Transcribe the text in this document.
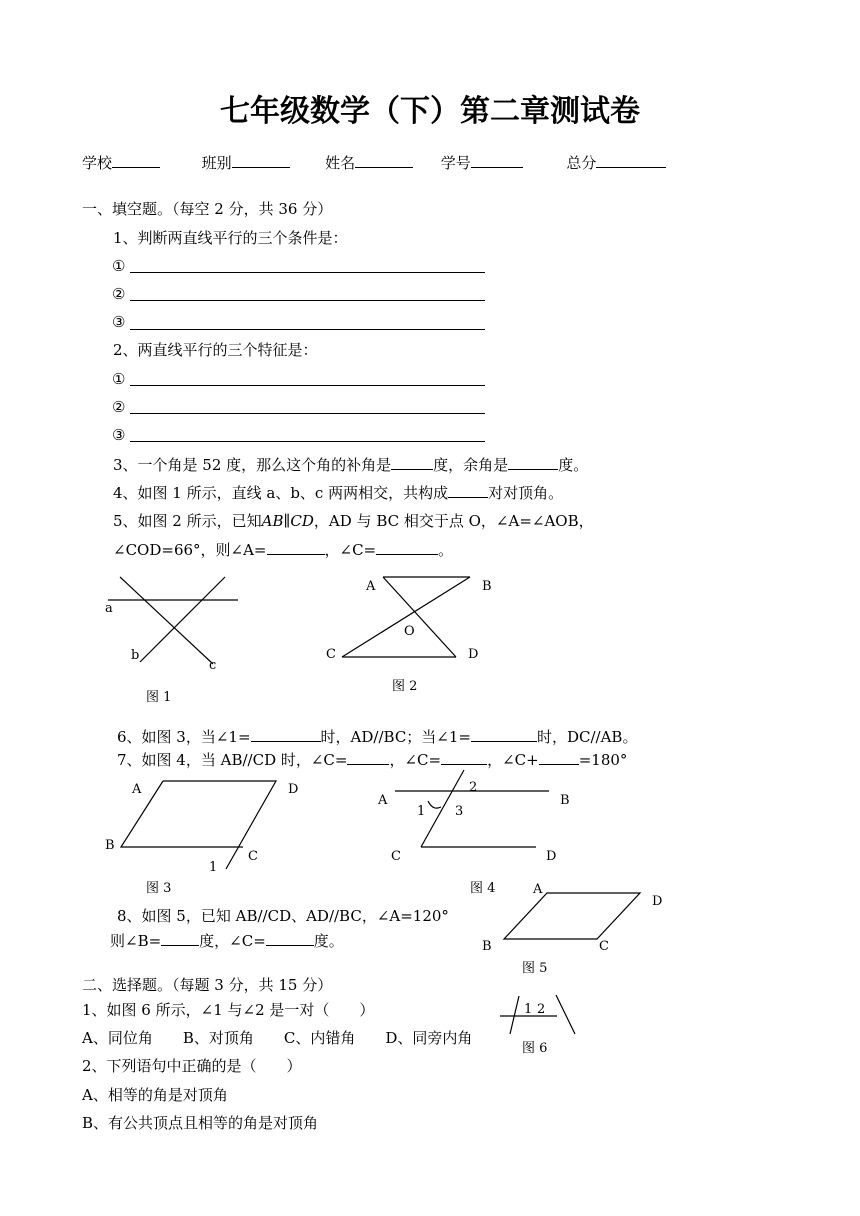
七年级数学（下）第二章测试卷
学校	班别	姓名	学号	总分
一、填空题。（每空 2 分，共 36 分）
1、判断两直线平行的三个条件是：
①
②
③
2、两直线平行的三个特征是：
①
②
③
3、一个角是 52 度，那么这个角的补角是	度，余角是	度。
4、如图 1 所示，直线 a、b、c 两两相交，共构成	对对顶角。
5、如图 2 所示，已知AB∥CD，AD 与 BC 相交于点 O，∠A=∠AOB，
∠COD=66°，则∠A=	，∠C=	。
6、如图 3，当∠1=	时，AD//BC；当∠1=	时，DC//AB。
7、如图 4，当 AB//CD 时，∠C=	，∠C=	，∠C+	=180°
8、如图 5，已知 AB//CD、AD//BC，∠A=120°
则∠B=	度，∠C=	度。
二、选择题。（每题 3 分，共 15 分）
1、如图 6 所示，∠1 与∠2 是一对（　　）
A、同位角　　B、对顶角　　C、内错角　　D、同旁内角
2、下列语句中正确的是（　　）
A、相等的角是对顶角
B、有公共顶点且相等的角是对顶角
a
b
c
图 1
A	B
O
C	D
图 2
A	D
B
C
1
图 3
A	B
C	D
1
2
3
图 4	A
D
B	C
图 5
1 2
图 6
